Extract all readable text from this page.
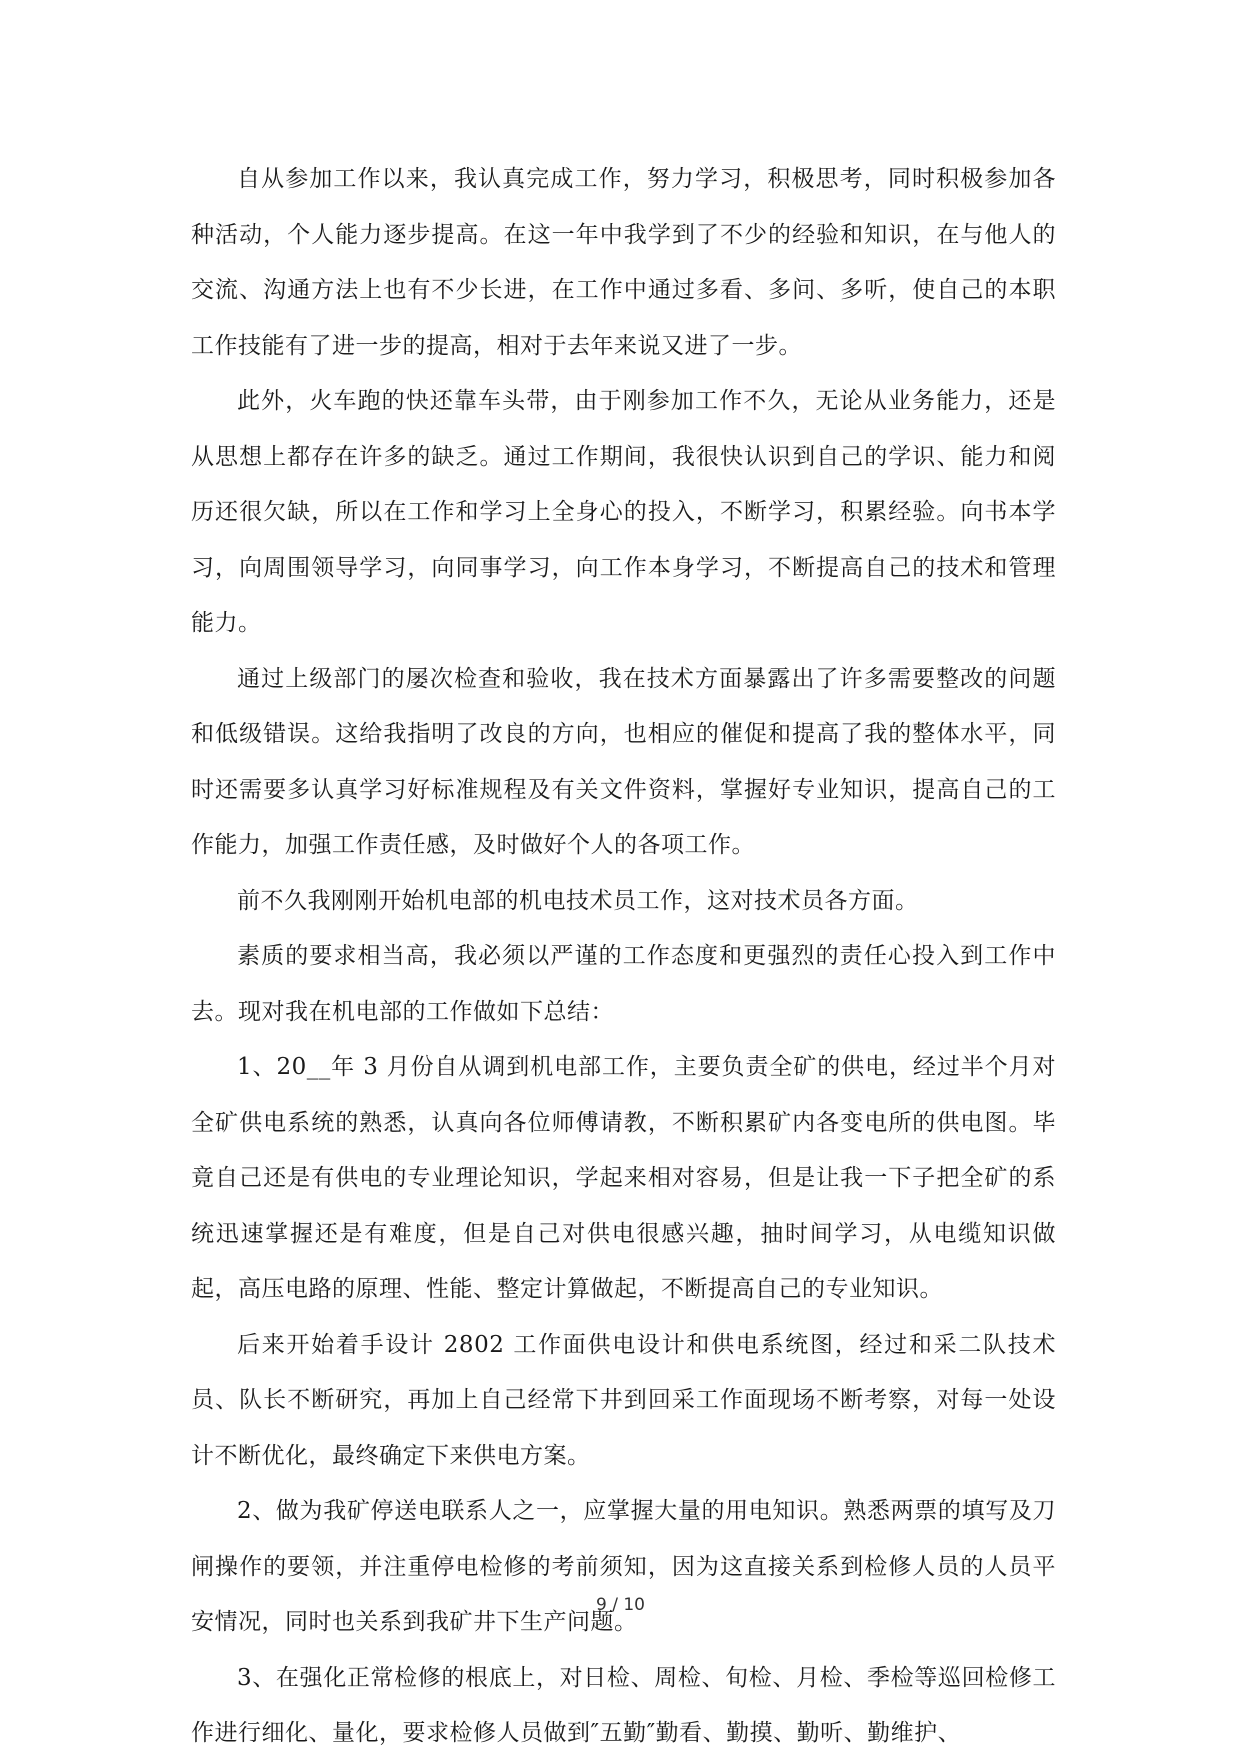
自从参加工作以来，我认真完成工作，努力学习，积极思考，同时积极参加各种活动，个人能力逐步提高。在这一年中我学到了不少的经验和知识，在与他人的交流、沟通方法上也有不少长进，在工作中通过多看、多问、多听，使自己的本职工作技能有了进一步的提高，相对于去年来说又进了一步。

此外，火车跑的快还靠车头带，由于刚参加工作不久，无论从业务能力，还是从思想上都存在许多的缺乏。通过工作期间，我很快认识到自己的学识、能力和阅历还很欠缺，所以在工作和学习上全身心的投入，不断学习，积累经验。向书本学习，向周围领导学习，向同事学习，向工作本身学习，不断提高自己的技术和管理能力。

通过上级部门的屡次检查和验收，我在技术方面暴露出了许多需要整改的问题和低级错误。这给我指明了改良的方向，也相应的催促和提高了我的整体水平，同时还需要多认真学习好标准规程及有关文件资料，掌握好专业知识，提高自己的工作能力，加强工作责任感，及时做好个人的各项工作。

前不久我刚刚开始机电部的机电技术员工作，这对技术员各方面。

素质的要求相当高，我必须以严谨的工作态度和更强烈的责任心投入到工作中去。现对我在机电部的工作做如下总结：

1、20__年 3 月份自从调到机电部工作，主要负责全矿的供电，经过半个月对全矿供电系统的熟悉，认真向各位师傅请教，不断积累矿内各变电所的供电图。毕竟自己还是有供电的专业理论知识，学起来相对容易，但是让我一下子把全矿的系统迅速掌握还是有难度，但是自己对供电很感兴趣，抽时间学习，从电缆知识做起，高压电路的原理、性能、整定计算做起，不断提高自己的专业知识。

后来开始着手设计 2802 工作面供电设计和供电系统图，经过和采二队技术员、队长不断研究，再加上自己经常下井到回采工作面现场不断考察，对每一处设计不断优化，最终确定下来供电方案。

2、做为我矿停送电联系人之一，应掌握大量的用电知识。熟悉两票的填写及刀闸操作的要领，并注重停电检修的考前须知，因为这直接关系到检修人员的人员平安情况，同时也关系到我矿井下生产问题。

3、在强化正常检修的根底上，对日检、周检、旬检、月检、季检等巡回检修工作进行细化、量化，要求检修人员做到″五勤″勤看、勤摸、勤听、勤维护、

9 / 10
